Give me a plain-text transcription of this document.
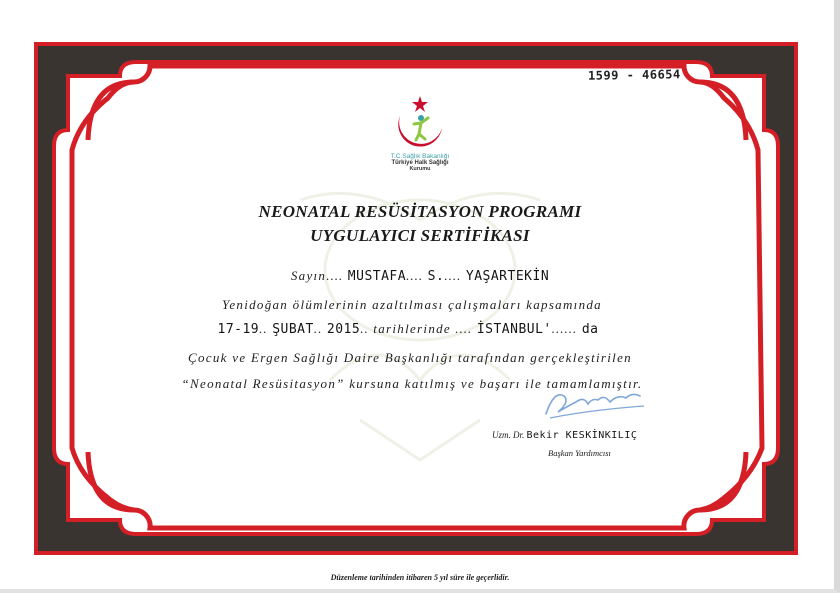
1599 - 46654
T.C.Sağlık Bakanlığı
Türkiye Halk Sağlığı
Kurumu
NEONATAL RESÜSİTASYON PROGRAMI
UYGULAYICI SERTİFİKASI
Sayın.... MUSTAFA.... S..... YAŞARTEKİN
Yenidoğan ölümlerinin azaltılması çalışmaları kapsamında
17-19.. ŞUBAT.. 2015.. tarihlerinde .... İSTANBUL'...... da
Çocuk ve Ergen Sağlığı Daire Başkanlığı tarafından gerçekleştirilen
“Neonatal Resüsitasyon” kursuna katılmış ve başarı ile tamamlamıştır.
Uzm. Dr. Bekir KESKİNKILIÇ
Başkan Yardımcısı
Düzenleme tarihinden itibaren 5 yıl süre ile geçerlidir.
